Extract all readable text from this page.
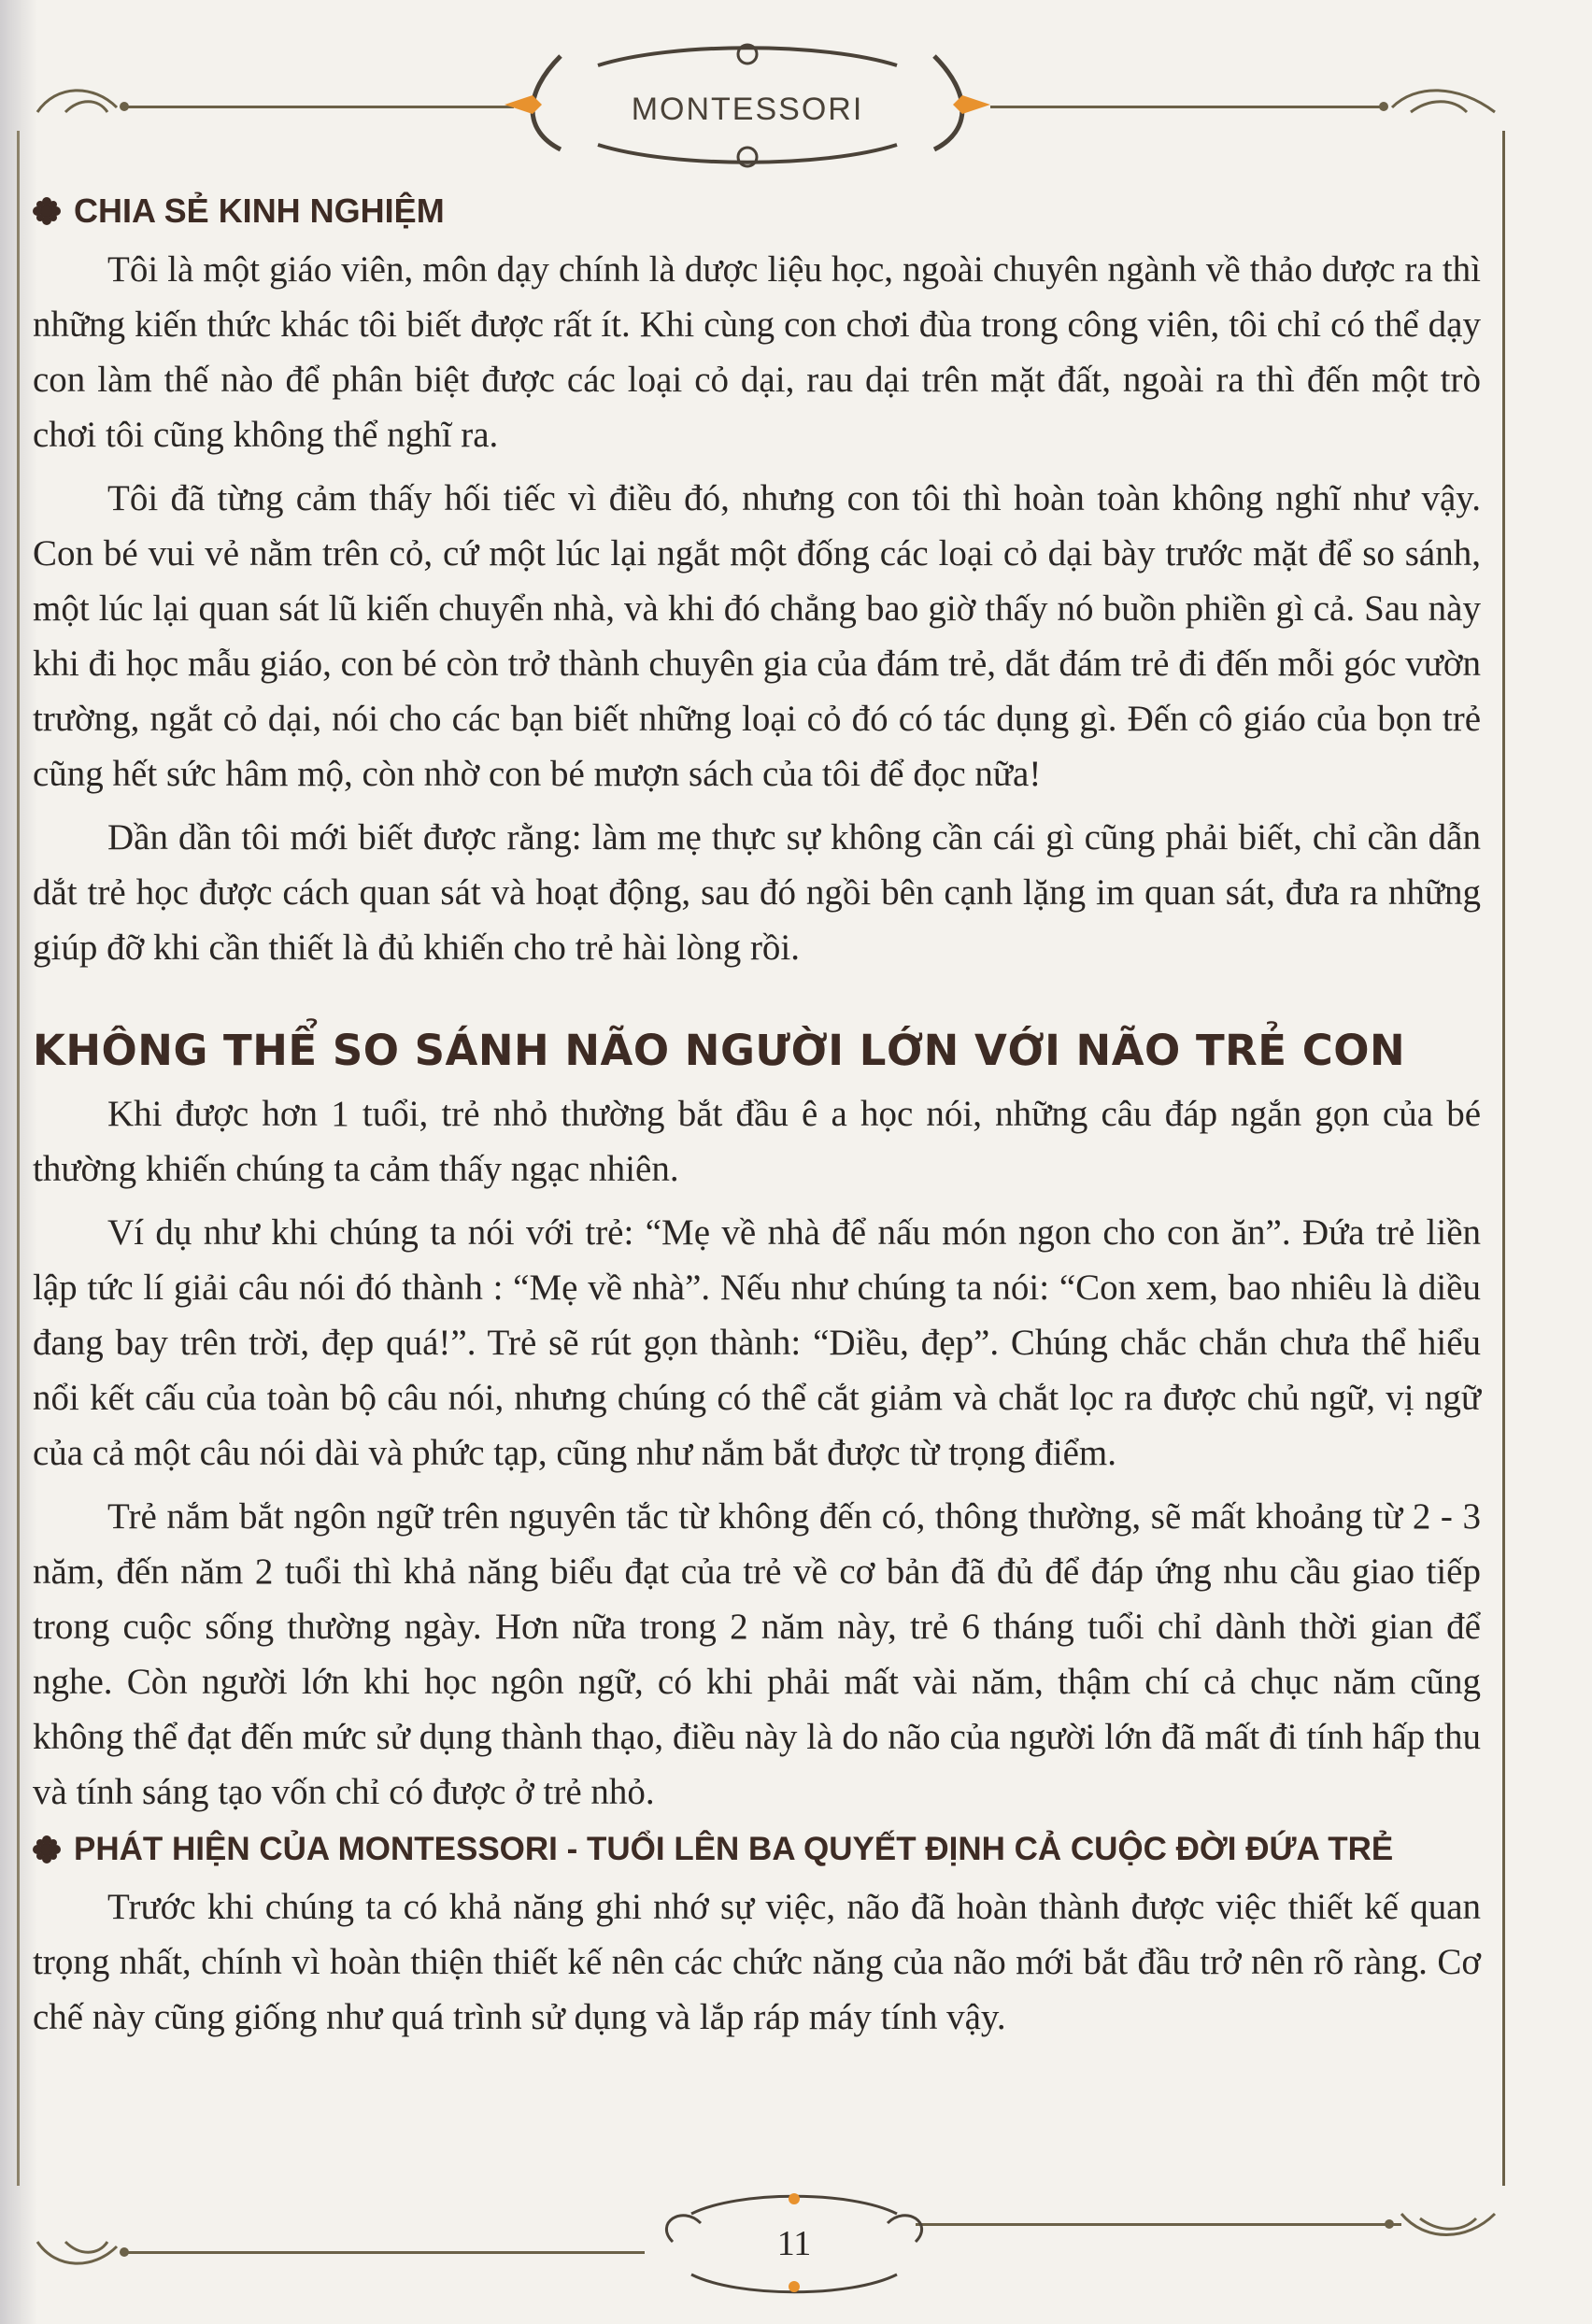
MONTESSORI
CHIA SẺ KINH NGHIỆM

Tôi là một giáo viên, môn dạy chính là dược liệu học, ngoài chuyên ngành về thảo dược ra thì những kiến thức khác tôi biết được rất ít. Khi cùng con chơi đùa trong công viên, tôi chỉ có thể dạy con làm thế nào để phân biệt được các loại cỏ dại, rau dại trên mặt đất, ngoài ra thì đến một trò chơi tôi cũng không thể nghĩ ra.

Tôi đã từng cảm thấy hối tiếc vì điều đó, nhưng con tôi thì hoàn toàn không nghĩ như vậy. Con bé vui vẻ nằm trên cỏ, cứ một lúc lại ngắt một đống các loại cỏ dại bày trước mặt để so sánh, một lúc lại quan sát lũ kiến chuyển nhà, và khi đó chẳng bao giờ thấy nó buồn phiền gì cả. Sau này khi đi học mẫu giáo, con bé còn trở thành chuyên gia của đám trẻ, dắt đám trẻ đi đến mỗi góc vườn trường, ngắt cỏ dại, nói cho các bạn biết những loại cỏ đó có tác dụng gì. Đến cô giáo của bọn trẻ cũng hết sức hâm mộ, còn nhờ con bé mượn sách của tôi để đọc nữa!

Dần dần tôi mới biết được rằng: làm mẹ thực sự không cần cái gì cũng phải biết, chỉ cần dẫn dắt trẻ học được cách quan sát và hoạt động, sau đó ngồi bên cạnh lặng im quan sát, đưa ra những giúp đỡ khi cần thiết là đủ khiến cho trẻ hài lòng rồi.

KHÔNG THỂ SO SÁNH NÃO NGƯỜI LỚN VỚI NÃO TRẺ CON

Khi được hơn 1 tuổi, trẻ nhỏ thường bắt đầu ê a học nói, những câu đáp ngắn gọn của bé thường khiến chúng ta cảm thấy ngạc nhiên.

Ví dụ như khi chúng ta nói với trẻ: “Mẹ về nhà để nấu món ngon cho con ăn”. Đứa trẻ liền lập tức lí giải câu nói đó thành : “Mẹ về nhà”. Nếu như chúng ta nói: “Con xem, bao nhiêu là diều đang bay trên trời, đẹp quá!”. Trẻ sẽ rút gọn thành: “Diều, đẹp”. Chúng chắc chắn chưa thể hiểu nổi kết cấu của toàn bộ câu nói, nhưng chúng có thể cắt giảm và chắt lọc ra được chủ ngữ, vị ngữ của cả một câu nói dài và phức tạp, cũng như nắm bắt được từ trọng điểm.

Trẻ nắm bắt ngôn ngữ trên nguyên tắc từ không đến có, thông thường, sẽ mất khoảng từ 2 - 3 năm, đến năm 2 tuổi thì khả năng biểu đạt của trẻ về cơ bản đã đủ để đáp ứng nhu cầu giao tiếp trong cuộc sống thường ngày. Hơn nữa trong 2 năm này, trẻ 6 tháng tuổi chỉ dành thời gian để nghe. Còn người lớn khi học ngôn ngữ, có khi phải mất vài năm, thậm chí cả chục năm cũng không thể đạt đến mức sử dụng thành thạo, điều này là do não của người lớn đã mất đi tính hấp thu và tính sáng tạo vốn chỉ có được ở trẻ nhỏ.

PHÁT HIỆN CỦA MONTESSORI - TUỔI LÊN BA QUYẾT ĐỊNH CẢ CUỘC ĐỜI ĐỨA TRẺ

Trước khi chúng ta có khả năng ghi nhớ sự việc, não đã hoàn thành được việc thiết kế quan trọng nhất, chính vì hoàn thiện thiết kế nên các chức năng của não mới bắt đầu trở nên rõ ràng. Cơ chế này cũng giống như quá trình sử dụng và lắp ráp máy tính vậy.

11
